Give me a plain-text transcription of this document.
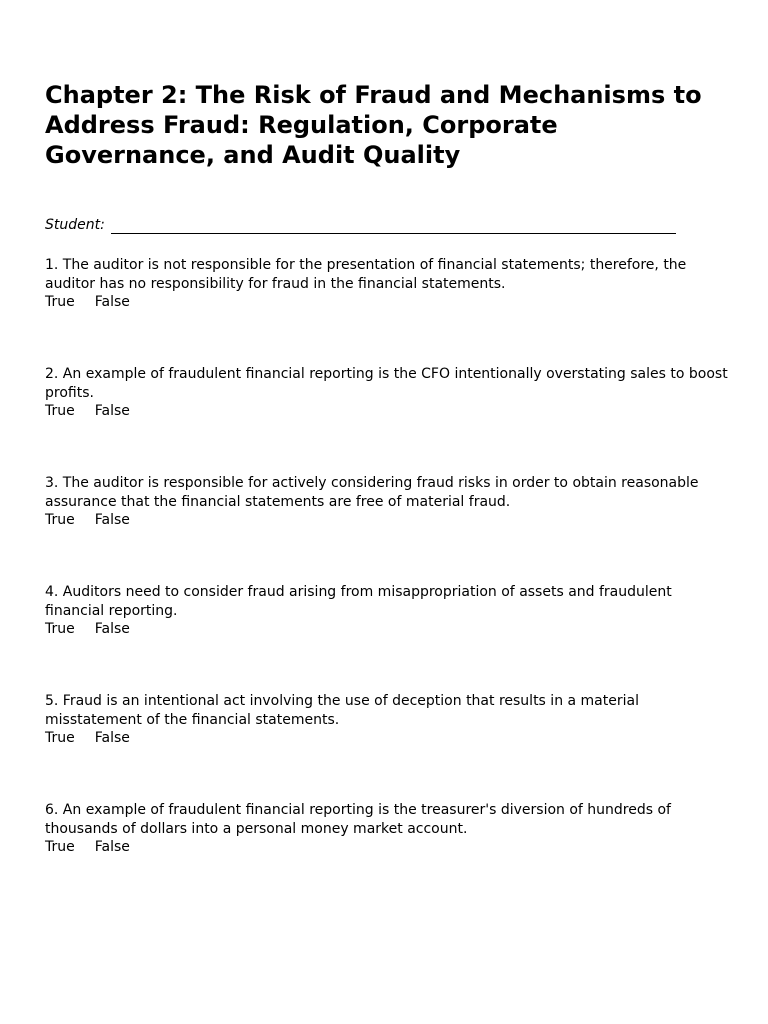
Chapter 2: The Risk of Fraud and Mechanisms to Address Fraud: Regulation, Corporate Governance, and Audit Quality
Student:

1. The auditor is not responsible for the presentation of financial statements; therefore, the auditor has no responsibility for fraud in the financial statements.

True False

2. An example of fraudulent financial reporting is the CFO intentionally overstating sales to boost profits.

True False

3. The auditor is responsible for actively considering fraud risks in order to obtain reasonable assurance that the financial statements are free of material fraud.

True False

4. Auditors need to consider fraud arising from misappropriation of assets and fraudulent financial reporting.

True False

5. Fraud is an intentional act involving the use of deception that results in a material misstatement of the financial statements.

True False

6. An example of fraudulent financial reporting is the treasurer's diversion of hundreds of thousands of dollars into a personal money market account.

True False
